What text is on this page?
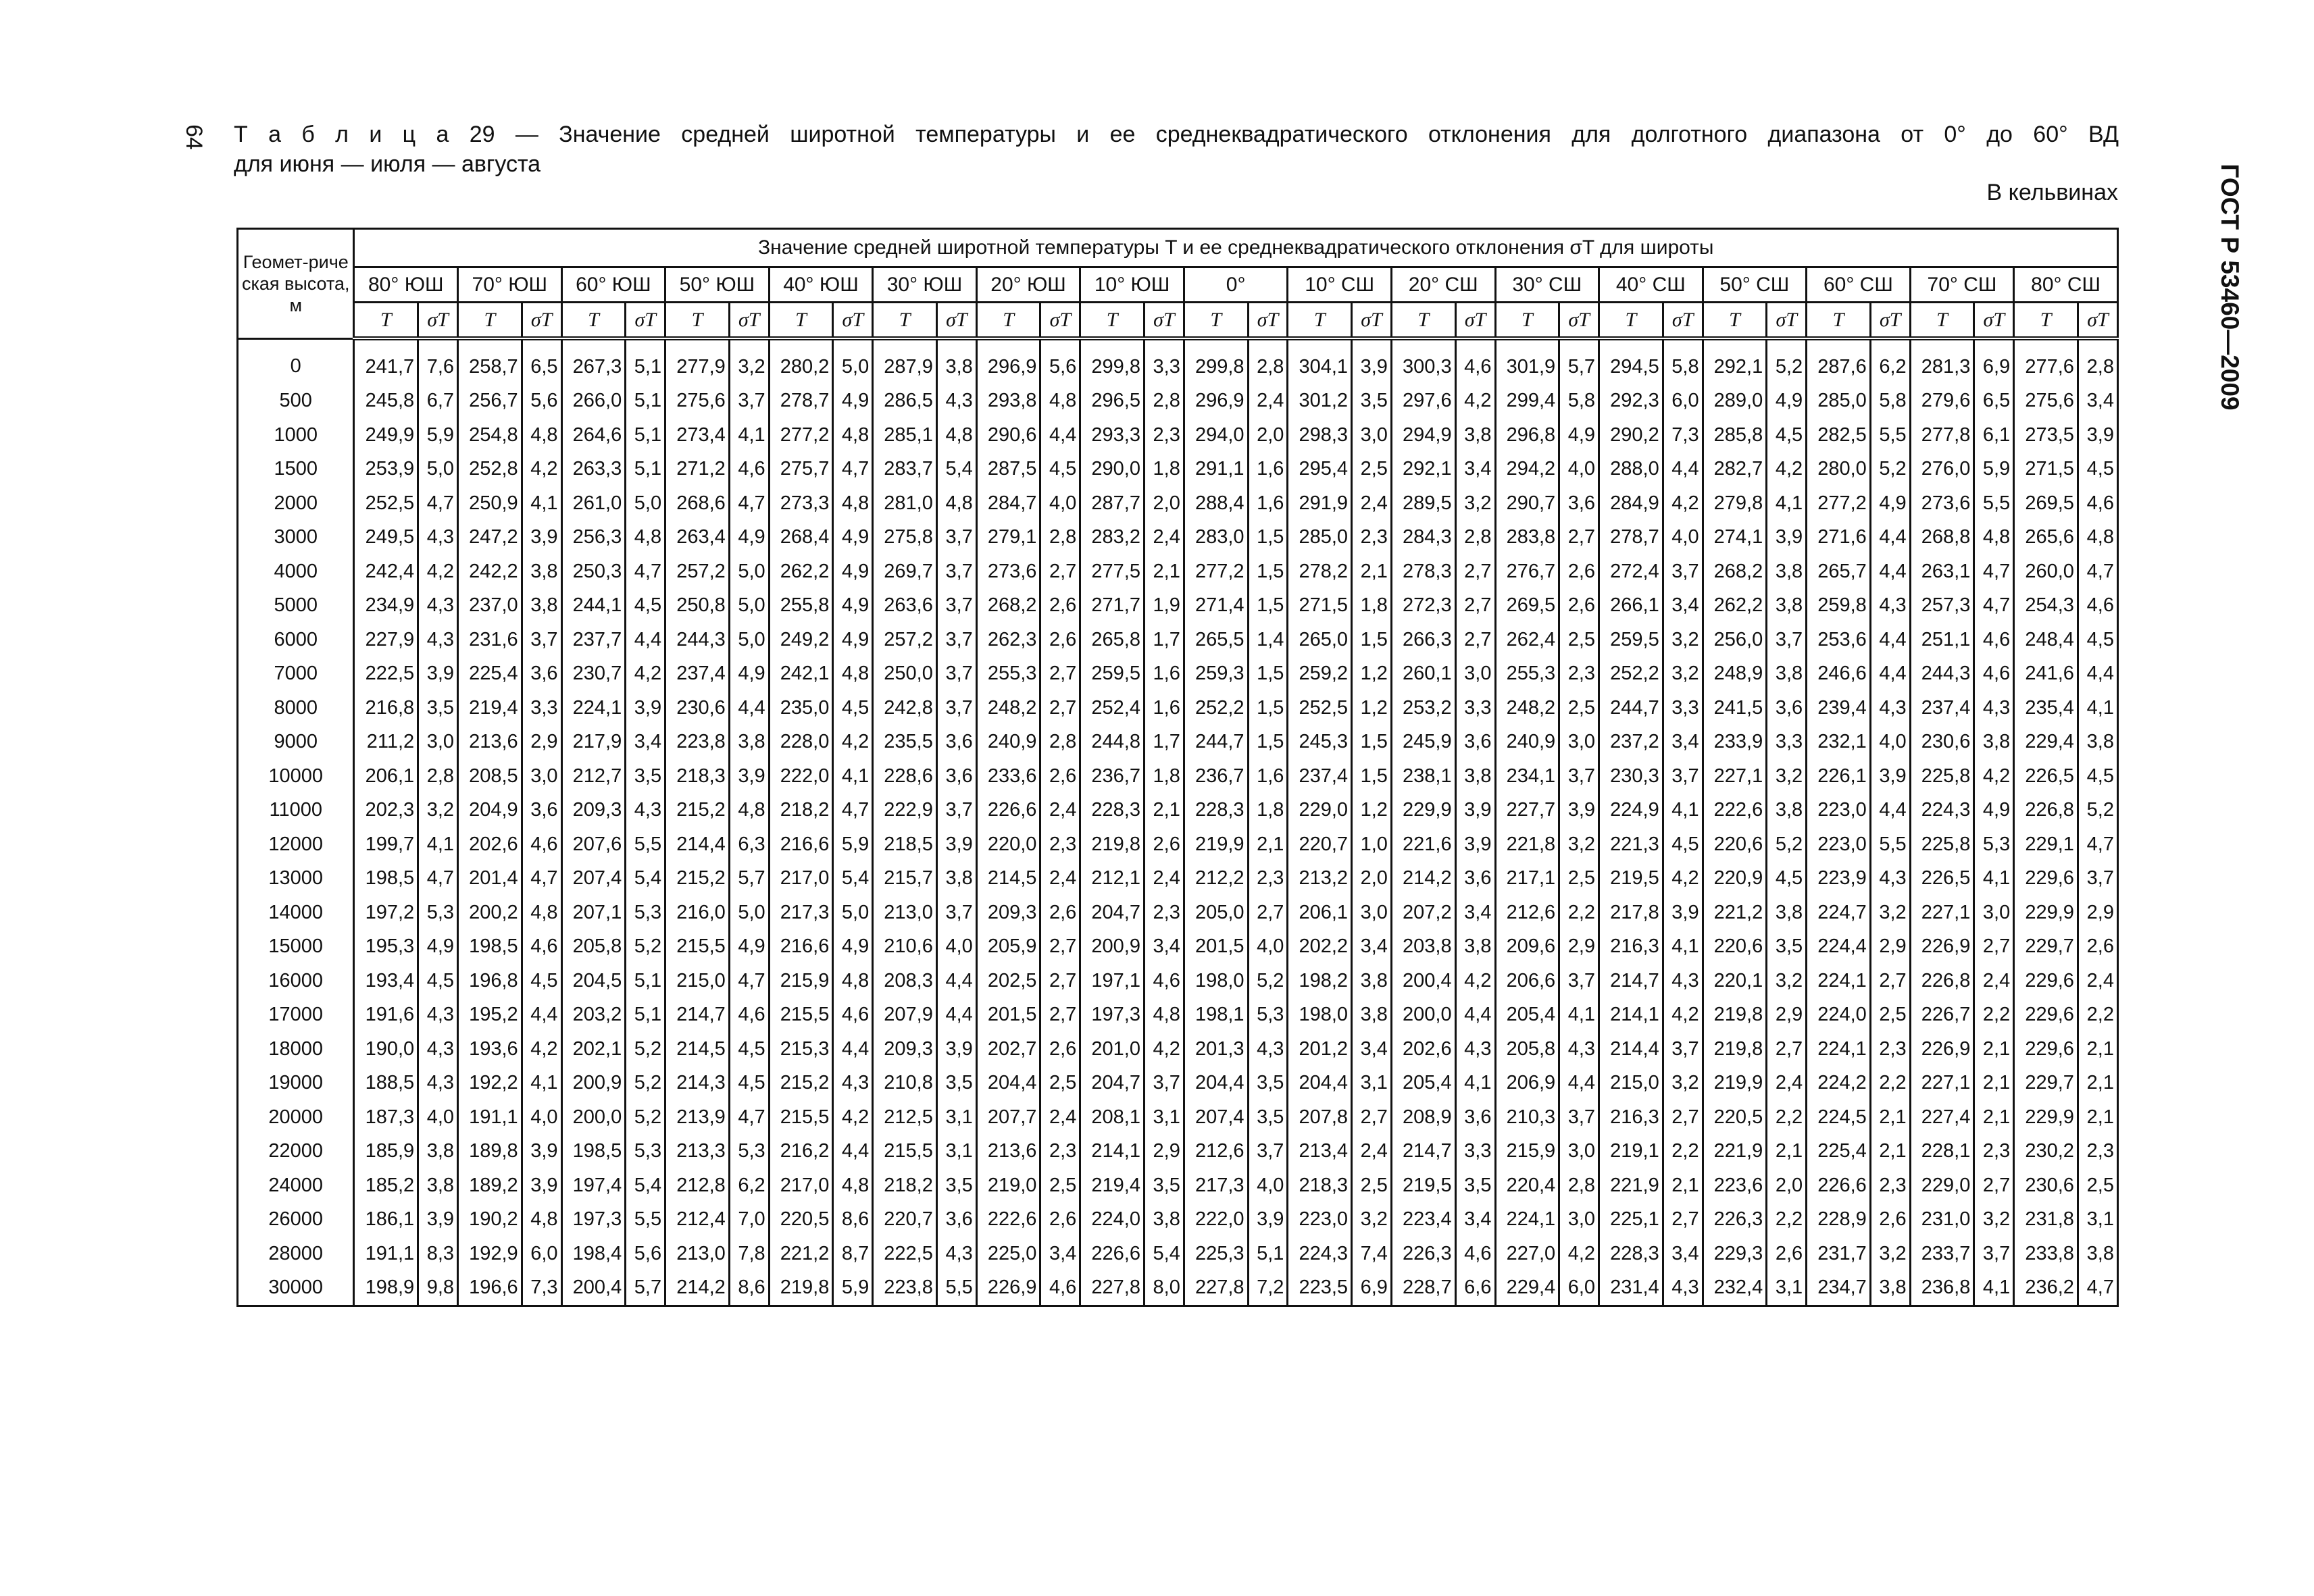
64
ГОСТ Р 53460—2009
Т а б л и ц а 29 — Значение средней широтной температуры и ее среднеквадратического отклонения для долготного диапазона от 0° до 60° ВД
для июня — июля — августа
В кельвинах
Геомет-рическая высота, м	Значение средней широтной температуры T и ее среднеквадратического отклонения σT для широты																																	
	80° ЮШ		70° ЮШ		60° ЮШ		50° ЮШ		40° ЮШ		30° ЮШ		20° ЮШ		10° ЮШ		0°		10° СШ		20° СШ		30° СШ		40° СШ		50° СШ		60° СШ		70° СШ		80° СШ	
	T	σT	T	σT	T	σT	T	σT	T	σT	T	σT	T	σT	T	σT	T	σT	T	σT	T	σT	T	σT	T	σT	T	σT	T	σT	T	σT	T	σT
0	241,7	7,6	258,7	6,5	267,3	5,1	277,9	3,2	280,2	5,0	287,9	3,8	296,9	5,6	299,8	3,3	299,8	2,8	304,1	3,9	300,3	4,6	301,9	5,7	294,5	5,8	292,1	5,2	287,6	6,2	281,3	6,9	277,6	2,8
500	245,8	6,7	256,7	5,6	266,0	5,1	275,6	3,7	278,7	4,9	286,5	4,3	293,8	4,8	296,5	2,8	296,9	2,4	301,2	3,5	297,6	4,2	299,4	5,8	292,3	6,0	289,0	4,9	285,0	5,8	279,6	6,5	275,6	3,4
1000	249,9	5,9	254,8	4,8	264,6	5,1	273,4	4,1	277,2	4,8	285,1	4,8	290,6	4,4	293,3	2,3	294,0	2,0	298,3	3,0	294,9	3,8	296,8	4,9	290,2	7,3	285,8	4,5	282,5	5,5	277,8	6,1	273,5	3,9
1500	253,9	5,0	252,8	4,2	263,3	5,1	271,2	4,6	275,7	4,7	283,7	5,4	287,5	4,5	290,0	1,8	291,1	1,6	295,4	2,5	292,1	3,4	294,2	4,0	288,0	4,4	282,7	4,2	280,0	5,2	276,0	5,9	271,5	4,5
2000	252,5	4,7	250,9	4,1	261,0	5,0	268,6	4,7	273,3	4,8	281,0	4,8	284,7	4,0	287,7	2,0	288,4	1,6	291,9	2,4	289,5	3,2	290,7	3,6	284,9	4,2	279,8	4,1	277,2	4,9	273,6	5,5	269,5	4,6
3000	249,5	4,3	247,2	3,9	256,3	4,8	263,4	4,9	268,4	4,9	275,8	3,7	279,1	2,8	283,2	2,4	283,0	1,5	285,0	2,3	284,3	2,8	283,8	2,7	278,7	4,0	274,1	3,9	271,6	4,4	268,8	4,8	265,6	4,8
4000	242,4	4,2	242,2	3,8	250,3	4,7	257,2	5,0	262,2	4,9	269,7	3,7	273,6	2,7	277,5	2,1	277,2	1,5	278,2	2,1	278,3	2,7	276,7	2,6	272,4	3,7	268,2	3,8	265,7	4,4	263,1	4,7	260,0	4,7
5000	234,9	4,3	237,0	3,8	244,1	4,5	250,8	5,0	255,8	4,9	263,6	3,7	268,2	2,6	271,7	1,9	271,4	1,5	271,5	1,8	272,3	2,7	269,5	2,6	266,1	3,4	262,2	3,8	259,8	4,3	257,3	4,7	254,3	4,6
6000	227,9	4,3	231,6	3,7	237,7	4,4	244,3	5,0	249,2	4,9	257,2	3,7	262,3	2,6	265,8	1,7	265,5	1,4	265,0	1,5	266,3	2,7	262,4	2,5	259,5	3,2	256,0	3,7	253,6	4,4	251,1	4,6	248,4	4,5
7000	222,5	3,9	225,4	3,6	230,7	4,2	237,4	4,9	242,1	4,8	250,0	3,7	255,3	2,7	259,5	1,6	259,3	1,5	259,2	1,2	260,1	3,0	255,3	2,3	252,2	3,2	248,9	3,8	246,6	4,4	244,3	4,6	241,6	4,4
8000	216,8	3,5	219,4	3,3	224,1	3,9	230,6	4,4	235,0	4,5	242,8	3,7	248,2	2,7	252,4	1,6	252,2	1,5	252,5	1,2	253,2	3,3	248,2	2,5	244,7	3,3	241,5	3,6	239,4	4,3	237,4	4,3	235,4	4,1
9000	211,2	3,0	213,6	2,9	217,9	3,4	223,8	3,8	228,0	4,2	235,5	3,6	240,9	2,8	244,8	1,7	244,7	1,5	245,3	1,5	245,9	3,6	240,9	3,0	237,2	3,4	233,9	3,3	232,1	4,0	230,6	3,8	229,4	3,8
10000	206,1	2,8	208,5	3,0	212,7	3,5	218,3	3,9	222,0	4,1	228,6	3,6	233,6	2,6	236,7	1,8	236,7	1,6	237,4	1,5	238,1	3,8	234,1	3,7	230,3	3,7	227,1	3,2	226,1	3,9	225,8	4,2	226,5	4,5
11000	202,3	3,2	204,9	3,6	209,3	4,3	215,2	4,8	218,2	4,7	222,9	3,7	226,6	2,4	228,3	2,1	228,3	1,8	229,0	1,2	229,9	3,9	227,7	3,9	224,9	4,1	222,6	3,8	223,0	4,4	224,3	4,9	226,8	5,2
12000	199,7	4,1	202,6	4,6	207,6	5,5	214,4	6,3	216,6	5,9	218,5	3,9	220,0	2,3	219,8	2,6	219,9	2,1	220,7	1,0	221,6	3,9	221,8	3,2	221,3	4,5	220,6	5,2	223,0	5,5	225,8	5,3	229,1	4,7
13000	198,5	4,7	201,4	4,7	207,4	5,4	215,2	5,7	217,0	5,4	215,7	3,8	214,5	2,4	212,1	2,4	212,2	2,3	213,2	2,0	214,2	3,6	217,1	2,5	219,5	4,2	220,9	4,5	223,9	4,3	226,5	4,1	229,6	3,7
14000	197,2	5,3	200,2	4,8	207,1	5,3	216,0	5,0	217,3	5,0	213,0	3,7	209,3	2,6	204,7	2,3	205,0	2,7	206,1	3,0	207,2	3,4	212,6	2,2	217,8	3,9	221,2	3,8	224,7	3,2	227,1	3,0	229,9	2,9
15000	195,3	4,9	198,5	4,6	205,8	5,2	215,5	4,9	216,6	4,9	210,6	4,0	205,9	2,7	200,9	3,4	201,5	4,0	202,2	3,4	203,8	3,8	209,6	2,9	216,3	4,1	220,6	3,5	224,4	2,9	226,9	2,7	229,7	2,6
16000	193,4	4,5	196,8	4,5	204,5	5,1	215,0	4,7	215,9	4,8	208,3	4,4	202,5	2,7	197,1	4,6	198,0	5,2	198,2	3,8	200,4	4,2	206,6	3,7	214,7	4,3	220,1	3,2	224,1	2,7	226,8	2,4	229,6	2,4
17000	191,6	4,3	195,2	4,4	203,2	5,1	214,7	4,6	215,5	4,6	207,9	4,4	201,5	2,7	197,3	4,8	198,1	5,3	198,0	3,8	200,0	4,4	205,4	4,1	214,1	4,2	219,8	2,9	224,0	2,5	226,7	2,2	229,6	2,2
18000	190,0	4,3	193,6	4,2	202,1	5,2	214,5	4,5	215,3	4,4	209,3	3,9	202,7	2,6	201,0	4,2	201,3	4,3	201,2	3,4	202,6	4,3	205,8	4,3	214,4	3,7	219,8	2,7	224,1	2,3	226,9	2,1	229,6	2,1
19000	188,5	4,3	192,2	4,1	200,9	5,2	214,3	4,5	215,2	4,3	210,8	3,5	204,4	2,5	204,7	3,7	204,4	3,5	204,4	3,1	205,4	4,1	206,9	4,4	215,0	3,2	219,9	2,4	224,2	2,2	227,1	2,1	229,7	2,1
20000	187,3	4,0	191,1	4,0	200,0	5,2	213,9	4,7	215,5	4,2	212,5	3,1	207,7	2,4	208,1	3,1	207,4	3,5	207,8	2,7	208,9	3,6	210,3	3,7	216,3	2,7	220,5	2,2	224,5	2,1	227,4	2,1	229,9	2,1
22000	185,9	3,8	189,8	3,9	198,5	5,3	213,3	5,3	216,2	4,4	215,5	3,1	213,6	2,3	214,1	2,9	212,6	3,7	213,4	2,4	214,7	3,3	215,9	3,0	219,1	2,2	221,9	2,1	225,4	2,1	228,1	2,3	230,2	2,3
24000	185,2	3,8	189,2	3,9	197,4	5,4	212,8	6,2	217,0	4,8	218,2	3,5	219,0	2,5	219,4	3,5	217,3	4,0	218,3	2,5	219,5	3,5	220,4	2,8	221,9	2,1	223,6	2,0	226,6	2,3	229,0	2,7	230,6	2,5
26000	186,1	3,9	190,2	4,8	197,3	5,5	212,4	7,0	220,5	8,6	220,7	3,6	222,6	2,6	224,0	3,8	222,0	3,9	223,0	3,2	223,4	3,4	224,1	3,0	225,1	2,7	226,3	2,2	228,9	2,6	231,0	3,2	231,8	3,1
28000	191,1	8,3	192,9	6,0	198,4	5,6	213,0	7,8	221,2	8,7	222,5	4,3	225,0	3,4	226,6	5,4	225,3	5,1	224,3	7,4	226,3	4,6	227,0	4,2	228,3	3,4	229,3	2,6	231,7	3,2	233,7	3,7	233,8	3,8
30000	198,9	9,8	196,6	7,3	200,4	5,7	214,2	8,6	219,8	5,9	223,8	5,5	226,9	4,6	227,8	8,0	227,8	7,2	223,5	6,9	228,7	6,6	229,4	6,0	231,4	4,3	232,4	3,1	234,7	3,8	236,8	4,1	236,2	4,7
